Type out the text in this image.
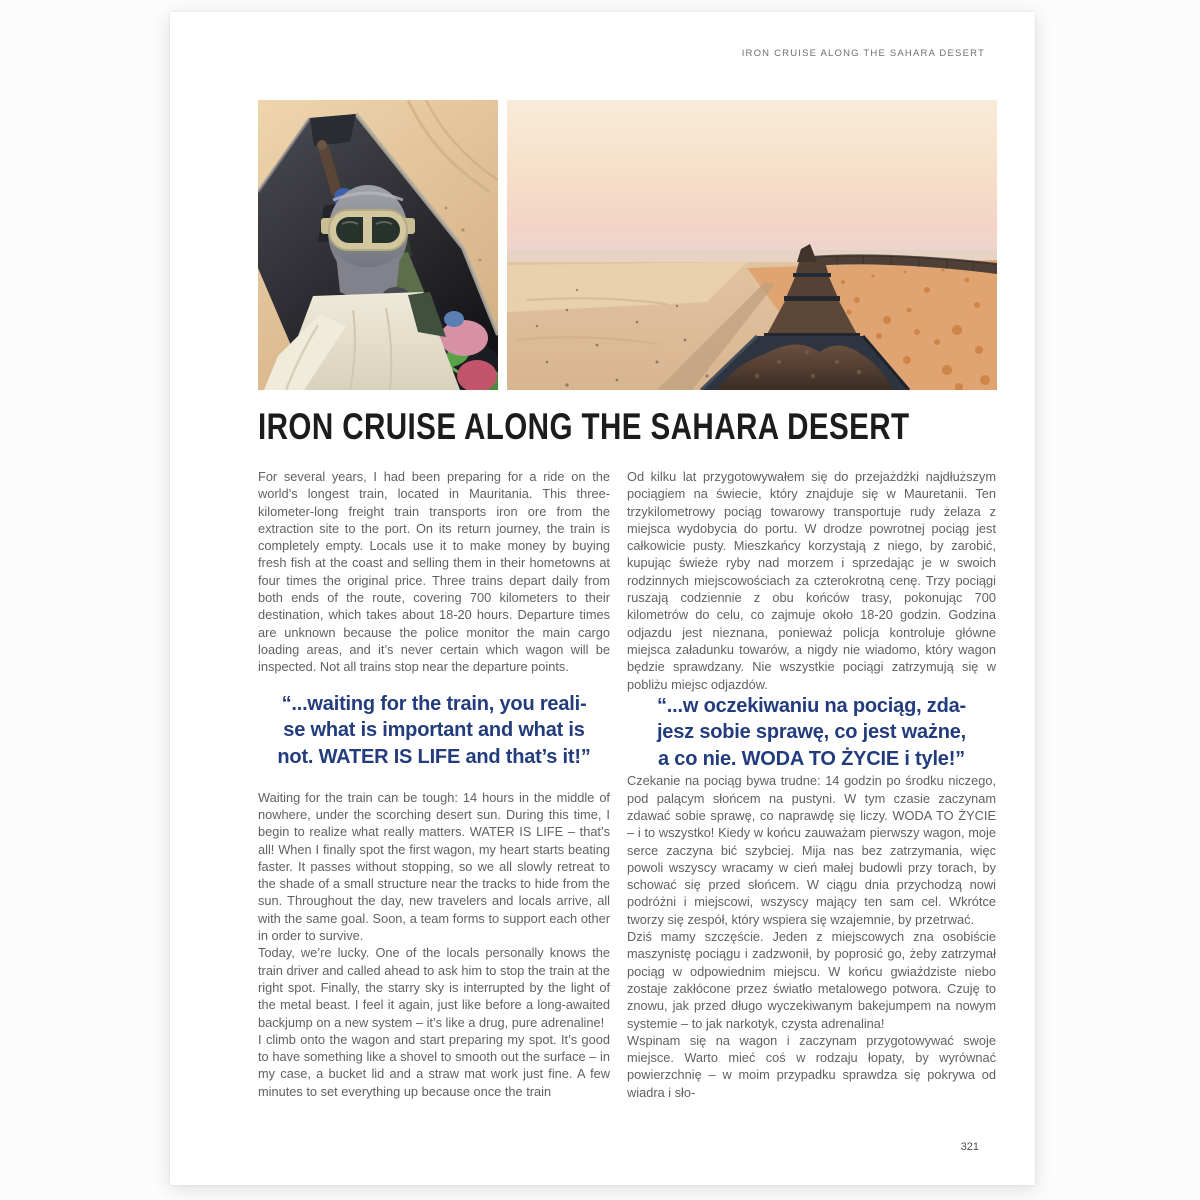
IRON CRUISE ALONG THE SAHARA DESERT
IRON CRUISE ALONG THE SAHARA DESERT

For several years, I had been preparing for a ride on the world’s longest train, located in Mauritania. This three-kilometer-long freight train transports iron ore from the extraction site to the port. On its return journey, the train is completely empty. Locals use it to make money by buying fresh fish at the coast and selling them in their hometowns at four times the original price. Three trains depart daily from both ends of the route, covering 700 kilometers to their destination, which takes about 18-20 hours. Departure times are unknown because the police monitor the main cargo loading areas, and it’s never certain which wagon will be inspected. Not all trains stop near the departure points.

“...waiting for the train, you reali-
se what is important and what is
not. WATER IS LIFE and that’s it!”

Waiting for the train can be tough: 14 hours in the middle of nowhere, under the scorching desert sun. During this time, I begin to realize what really matters. WATER IS LIFE – that’s all! When I finally spot the first wagon, my heart starts beating faster. It passes without stopping, so we all slowly retreat to the shade of a small structure near the tracks to hide from the sun. Throughout the day, new travelers and locals arrive, all with the same goal. Soon, a team forms to support each other in order to survive.

Today, we’re lucky. One of the locals personally knows the train driver and called ahead to ask him to stop the train at the right spot. Finally, the starry sky is interrupted by the light of the metal beast. I feel it again, just like before a long-awaited backjump on a new system – it’s like a drug, pure adrenaline!

I climb onto the wagon and start preparing my spot. It’s good to have something like a shovel to smooth out the surface – in my case, a bucket lid and a straw mat work just fine. A few minutes to set everything up because once the train

Od kilku lat przygotowywałem się do przejażdżki najdłuższym pociągiem na świecie, który znajduje się w Mauretanii. Ten trzykilometrowy pociąg towarowy transportuje rudy żelaza z miejsca wydobycia do portu. W drodze powrotnej pociąg jest całkowicie pusty. Mieszkańcy korzystają z niego, by zarobić, kupując świeże ryby nad morzem i sprzedając je w swoich rodzinnych miejscowościach za czterokrotną cenę. Trzy pociągi ruszają codziennie z obu końców trasy, pokonując 700 kilometrów do celu, co zajmuje około 18-20 godzin. Godzina odjazdu jest nieznana, ponieważ policja kontroluje główne miejsca załadunku towarów, a nigdy nie wiadomo, który wagon będzie sprawdzany. Nie wszystkie pociągi zatrzymują się w pobliżu miejsc odjazdów.

“...w oczekiwaniu na pociąg, zda-
jesz sobie sprawę, co jest ważne,
a co nie. WODA TO ŻYCIE i tyle!”

Czekanie na pociąg bywa trudne: 14 godzin po środku niczego, pod palącym słońcem na pustyni. W tym czasie zaczynam zdawać sobie sprawę, co naprawdę się liczy. WODA TO ŻYCIE – i to wszystko! Kiedy w końcu zauważam pierwszy wagon, moje serce zaczyna bić szybciej. Mija nas bez zatrzymania, więc powoli wszyscy wracamy w cień małej budowli przy torach, by schować się przed słońcem. W ciągu dnia przychodzą nowi podróżni i miejscowi, wszyscy mający ten sam cel. Wkrótce tworzy się zespół, który wspiera się wzajemnie, by przetrwać.

Dziś mamy szczęście. Jeden z miejscowych zna osobiście maszynistę pociągu i zadzwonił, by poprosić go, żeby zatrzymał pociąg w odpowiednim miejscu. W końcu gwiaździste niebo zostaje zakłócone przez światło metalowego potwora. Czuję to znowu, jak przed długo wyczekiwanym bakejumpem na nowym systemie – to jak narkotyk, czysta adrenalina!

Wspinam się na wagon i zaczynam przygotowywać swoje miejsce. Warto mieć coś w rodzaju łopaty, by wyrównać powierzchnię – w moim przypadku sprawdza się pokrywa od wiadra i sło-

321
